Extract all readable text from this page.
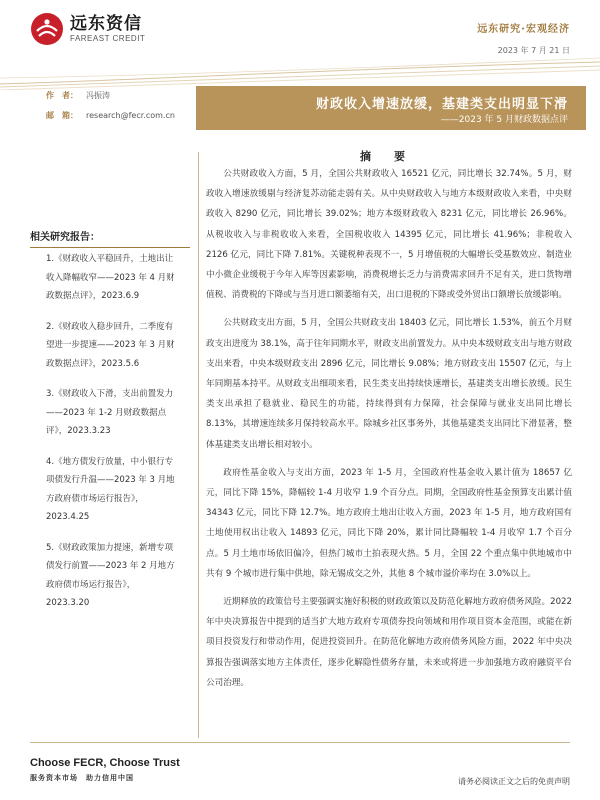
远东资信
FAREAST CREDIT
远东研究·宏观经济
2023 年 7 月 21 日
作　者： 冯振涛
邮　箱： research@fecr.com.cn
财政收入增速放缓，基建类支出明显下滑
——2023 年 5 月财政数据点评
相关研究报告：
1.《财政收入平稳回升，土地出让收入降幅收窄——2023 年 4 月财政数据点评》，2023.6.9
2.《财政收入稳步回升，二季度有望进一步提速——2023 年 3 月财政数据点评》，2023.5.6
3.《财政收入下滑，支出前置发力——2023 年 1-2 月财政数据点评》，2023.3.23
4.《地方债发行放量，中小银行专项债发行升温——2023 年 3 月地方政府债市场运行报告》，2023.4.25
5.《财政政策加力提速，新增专项债发行前置——2023 年 2 月地方政府债市场运行报告》，2023.3.20
摘　要

公共财政收入方面，5 月，全国公共财政收入 16521 亿元，同比增长 32.74%。5 月，财政收入增速放缓剔与经济复苏动能走弱有关。从中央财政收入与地方本级财政收入来看，中央财政收入 8290 亿元，同比增长 39.02%；地方本级财政收入 8231 亿元，同比增长 26.96%。从税收收入与非税收收入来看，全国税收收入 14395 亿元，同比增长 41.96%；非税收入 2126 亿元，同比下降 7.81%。关键税种表现不一，5 月增值税的大幅增长受基数效应、制造业中小微企业缓税于今年入库等因素影响，消费税增长乏力与消费需求回升不足有关，进口货物增值税、消费税的下降或与当月进口额萎缩有关，出口退税的下降或受外贸出口额增长放缓影响。

公共财政支出方面，5 月，全国公共财政支出 18403 亿元，同比增长 1.53%，前五个月财政支出进度为 38.1%，高于往年同期水平，财政支出前置发力。从中央本级财政支出与地方财政支出来看，中央本级财政支出 2896 亿元，同比增长 9.08%；地方财政支出 15507 亿元，与上年同期基本持平。从财政支出细项来看，民生类支出持续快速增长，基建类支出增长放缓。民生类支出承担了稳就业、稳民生的功能，持续得到有力保障，社会保障与就业支出同比增长 8.13%，其增速连续多月保持较高水平。除城乡社区事务外，其他基建类支出同比下滑显著，整体基建类支出增长相对较小。

政府性基金收入与支出方面，2023 年 1-5 月，全国政府性基金收入累计值为 18657 亿元，同比下降 15%，降幅较 1-4 月收窄 1.9 个百分点。同期，全国政府性基金预算支出累计值 34343 亿元，同比下降 12.7%。地方政府土地出让收入方面，2023 年 1-5 月，地方政府国有土地使用权出让收入 14893 亿元，同比下降 20%，累计同比降幅较 1-4 月收窄 1.7 个百分点。5 月土地市场依旧偏冷，但热门城市土拍表现火热。5 月，全国 22 个重点集中供地城市中共有 9 个城市进行集中供地，除无锡成交之外，其他 8 个城市溢价率均在 3.0%以上。

近期释放的政策信号主要强调实施好积极的财政政策以及防范化解地方政府债务风险。2022 年中央决算报告中提到的适当扩大地方政府专项债券投向领域和用作项目资本金范围，或能在新项目投资发行和带动作用，促进投资回升。在防范化解地方政府债务风险方面，2022 年中央决算报告强调落实地方主体责任，逐步化解隐性债务存量，未来或将进一步加强地方政府融资平台公司治理。

Choose FECR, Choose Trust
服务资本市场　助力信用中国	请务必阅读正文之后的免责声明
